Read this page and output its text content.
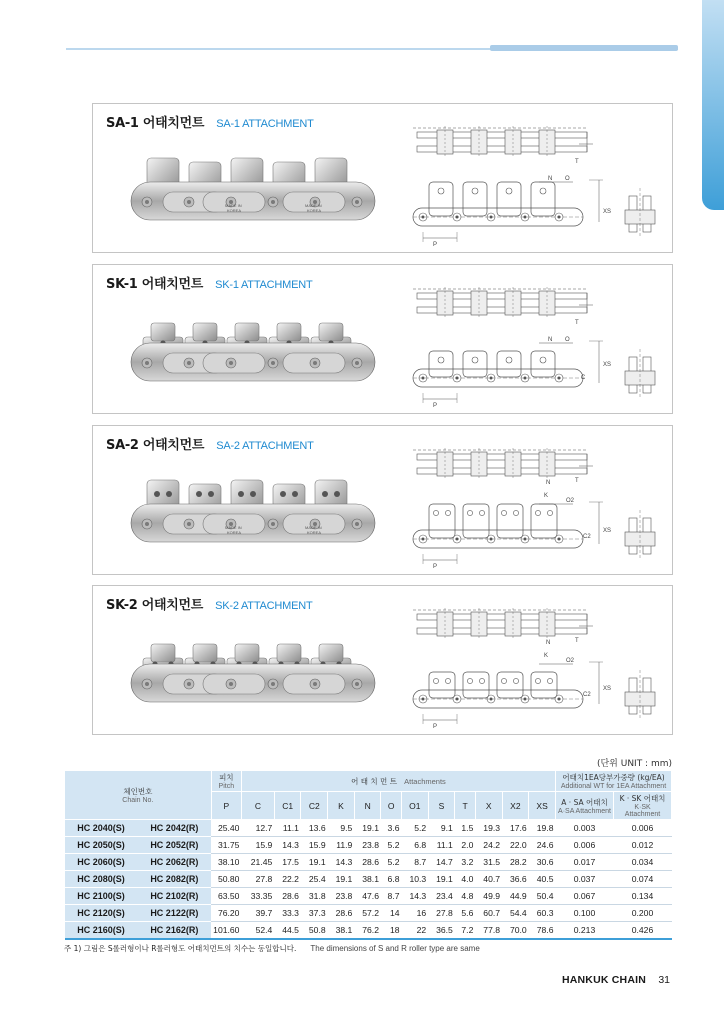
SA-1 어태치먼트 SA-1 ATTACHMENT
MADE IN
KOREA
MADE IN
KOREA
T
N O
XS
P
SK-1 어태치먼트 SK-1 ATTACHMENT
T
N O
XS
C
P
SA-2 어태치먼트 SA-2 ATTACHMENT
MADE IN
KOREA
MADE IN
KOREA
T
N
K
O2
XS
C2
P
SK-2 어태치먼트 SK-2 ATTACHMENT
T
N
K
O2
XS
C2
P
(단위 UNIT : mm)
체인번호
Chain No.		피치
Pitch	어 태 치 먼 트 Attachments												어태치1EA당부가중량 (kg/EA)
Additional WT for 1EA Attachment	

		P	C	C1	C2	K	N	O	O1	S	T	X	X2	XS	A · SA 어태치
A·SA Attachment	K · SK 어태치
K·SK Attachment

HC 2040(S)	HC 2042(R)	25.40	12.7	11.1	13.6	9.5	19.1	3.6	5.2	9.1	1.5	19.3	17.6	19.8	0.003	0.006
HC 2050(S)	HC 2052(R)	31.75	15.9	14.3	15.9	11.9	23.8	5.2	6.8	11.1	2.0	24.2	22.0	24.6	0.006	0.012
HC 2060(S)	HC 2062(R)	38.10	21.45	17.5	19.1	14.3	28.6	5.2	8.7	14.7	3.2	31.5	28.2	30.6	0.017	0.034
HC 2080(S)	HC 2082(R)	50.80	27.8	22.2	25.4	19.1	38.1	6.8	10.3	19.1	4.0	40.7	36.6	40.5	0.037	0.074
HC 2100(S)	HC 2102(R)	63.50	33.35	28.6	31.8	23.8	47.6	8.7	14.3	23.4	4.8	49.9	44.9	50.4	0.067	0.134
HC 2120(S)	HC 2122(R)	76.20	39.7	33.3	37.3	28.6	57.2	14	16	27.8	5.6	60.7	54.4	60.3	0.100	0.200
HC 2160(S)	HC 2162(R)	101.60	52.4	44.5	50.8	38.1	76.2	18	22	36.5	7.2	77.8	70.0	78.6	0.213	0.426
주 1) 그림은 S롤러형이나 R롤러형도 어태치먼트의 치수는 동일합니다. The dimensions of S and R roller type are same
HANKUK CHAIN 31
